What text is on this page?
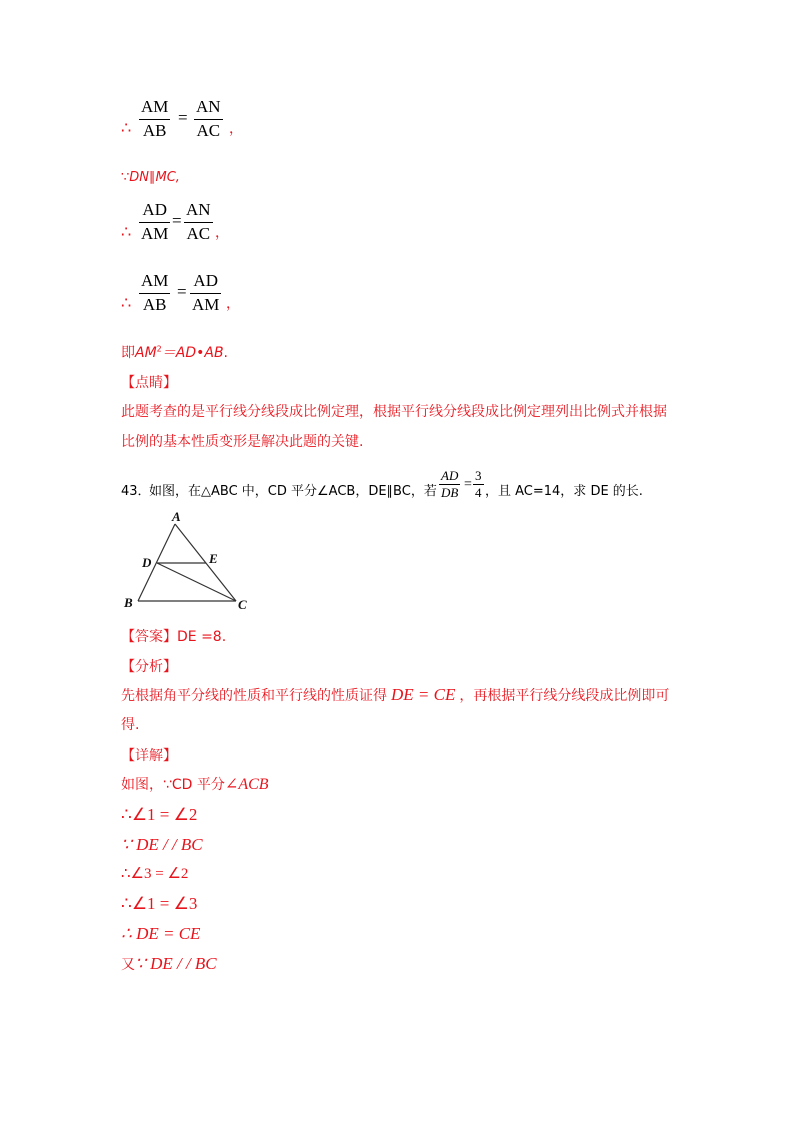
∴
AM
AB
=
AN
AC ，
∵DN∥MC,
∴
AD
AM
=
AN
AC ，
∴
AM
AB
=
AD
AM ，
即$AM^2=AD•AB$.
【点睛】
此题考查的是平行线分线段成比例定理，根据平行线分线段成比例定理列出比例式并根据
比例的基本性质变形是解决此题的关键.
43．
如图，在△ABC 中，CD 平分∠ACB，DE∥BC，若
AD
DB
=
3
4 ，且 AC=14，求 DE 的长.
A
D	E
B	C
【答案】DE =8.
【分析】
先根据角平分线的性质和平行线的性质证得 DE = CE ，再根据平行线分线段成比例即可
得.
【详解】
如图，∵CD 平分∠ACB
∴∠1 = ∠2
∵ DE / / BC
∴∠3 = ∠2
∴∠1 = ∠3
∴ DE = CE
又∵ DE / / BC
